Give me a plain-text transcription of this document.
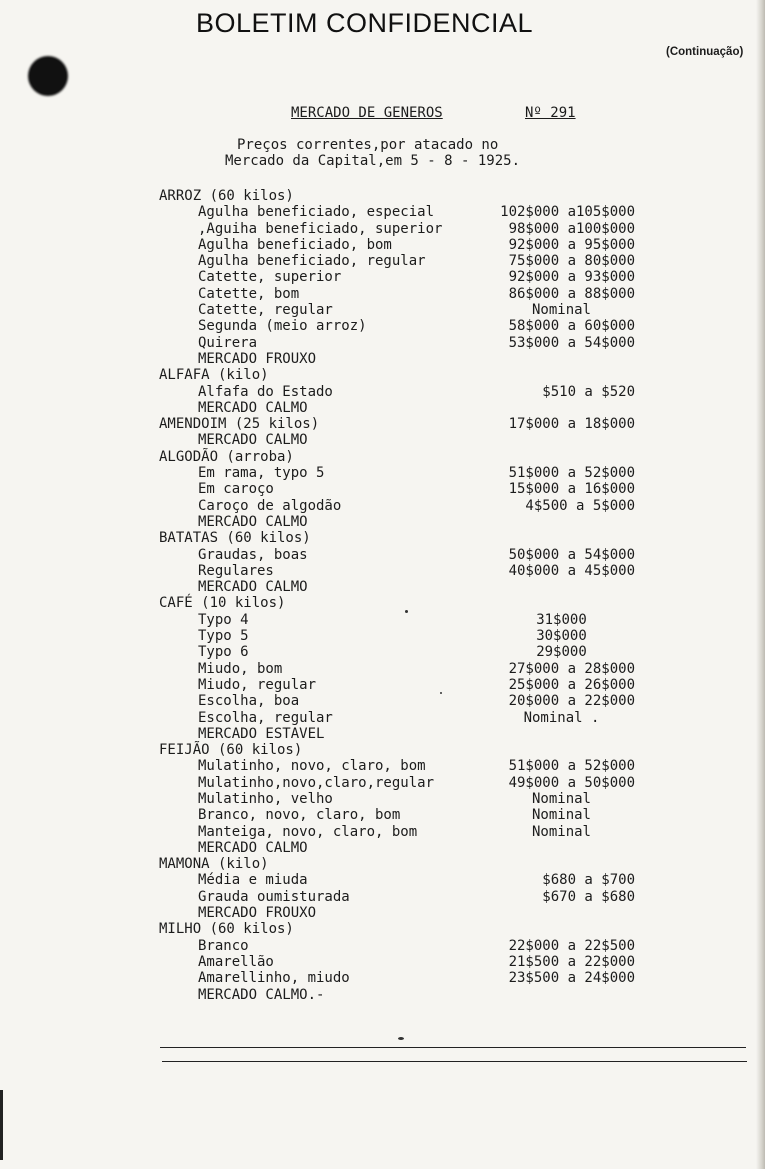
BOLETIM CONFIDENCIAL
(Continuação)
MERCADO DE GENEROS	Nº 291
Preços correntes,por atacado no
Mercado da Capital,em 5 - 8 - 1925.
ARROZ (60 kilos)
Agulha beneficiado, especial	102$000 a105$000
,Aguiha beneficiado, superior	98$000 a100$000
Agulha beneficiado, bom	92$000 a 95$000
Agulha beneficiado, regular	75$000 a 80$000
Catette, superior	92$000 a 93$000
Catette, bom	86$000 a 88$000
Catette, regular	Nominal
Segunda (meio arroz)	58$000 a 60$000
Quirera	53$000 a 54$000
MERCADO FROUXO
ALFAFA (kilo)
Alfafa do Estado	$510 a $520
MERCADO CALMO
AMENDOIM (25 kilos)	17$000 a 18$000
MERCADO CALMO
ALGODÃO (arroba)
Em rama, typo 5	51$000 a 52$000
Em caroço	15$000 a 16$000
Caroço de algodão	4$500 a 5$000
MERCADO CALMO
BATATAS (60 kilos)
Graudas, boas	50$000 a 54$000
Regulares	40$000 a 45$000
MERCADO CALMO
CAFÉ (10 kilos)
Typo 4	31$000
Typo 5	30$000
Typo 6	29$000
Miudo, bom	27$000 a 28$000
Miudo, regular	25$000 a 26$000
Escolha, boa	20$000 a 22$000
Escolha, regular	Nominal .
MERCADO ESTAVEL
FEIJÃO (60 kilos)
Mulatinho, novo, claro, bom	51$000 a 52$000
Mulatinho,novo,claro,regular	49$000 a 50$000
Mulatinho, velho	Nominal
Branco, novo, claro, bom	Nominal
Manteiga, novo, claro, bom	Nominal
MERCADO CALMO
MAMONA (kilo)
Média e miuda	$680 a $700
Grauda oumisturada	$670 a $680
MERCADO FROUXO
MILHO (60 kilos)
Branco	22$000 a 22$500
Amarellão	21$500 a 22$000
Amarellinho, miudo	23$500 a 24$000
MERCADO CALMO.-
